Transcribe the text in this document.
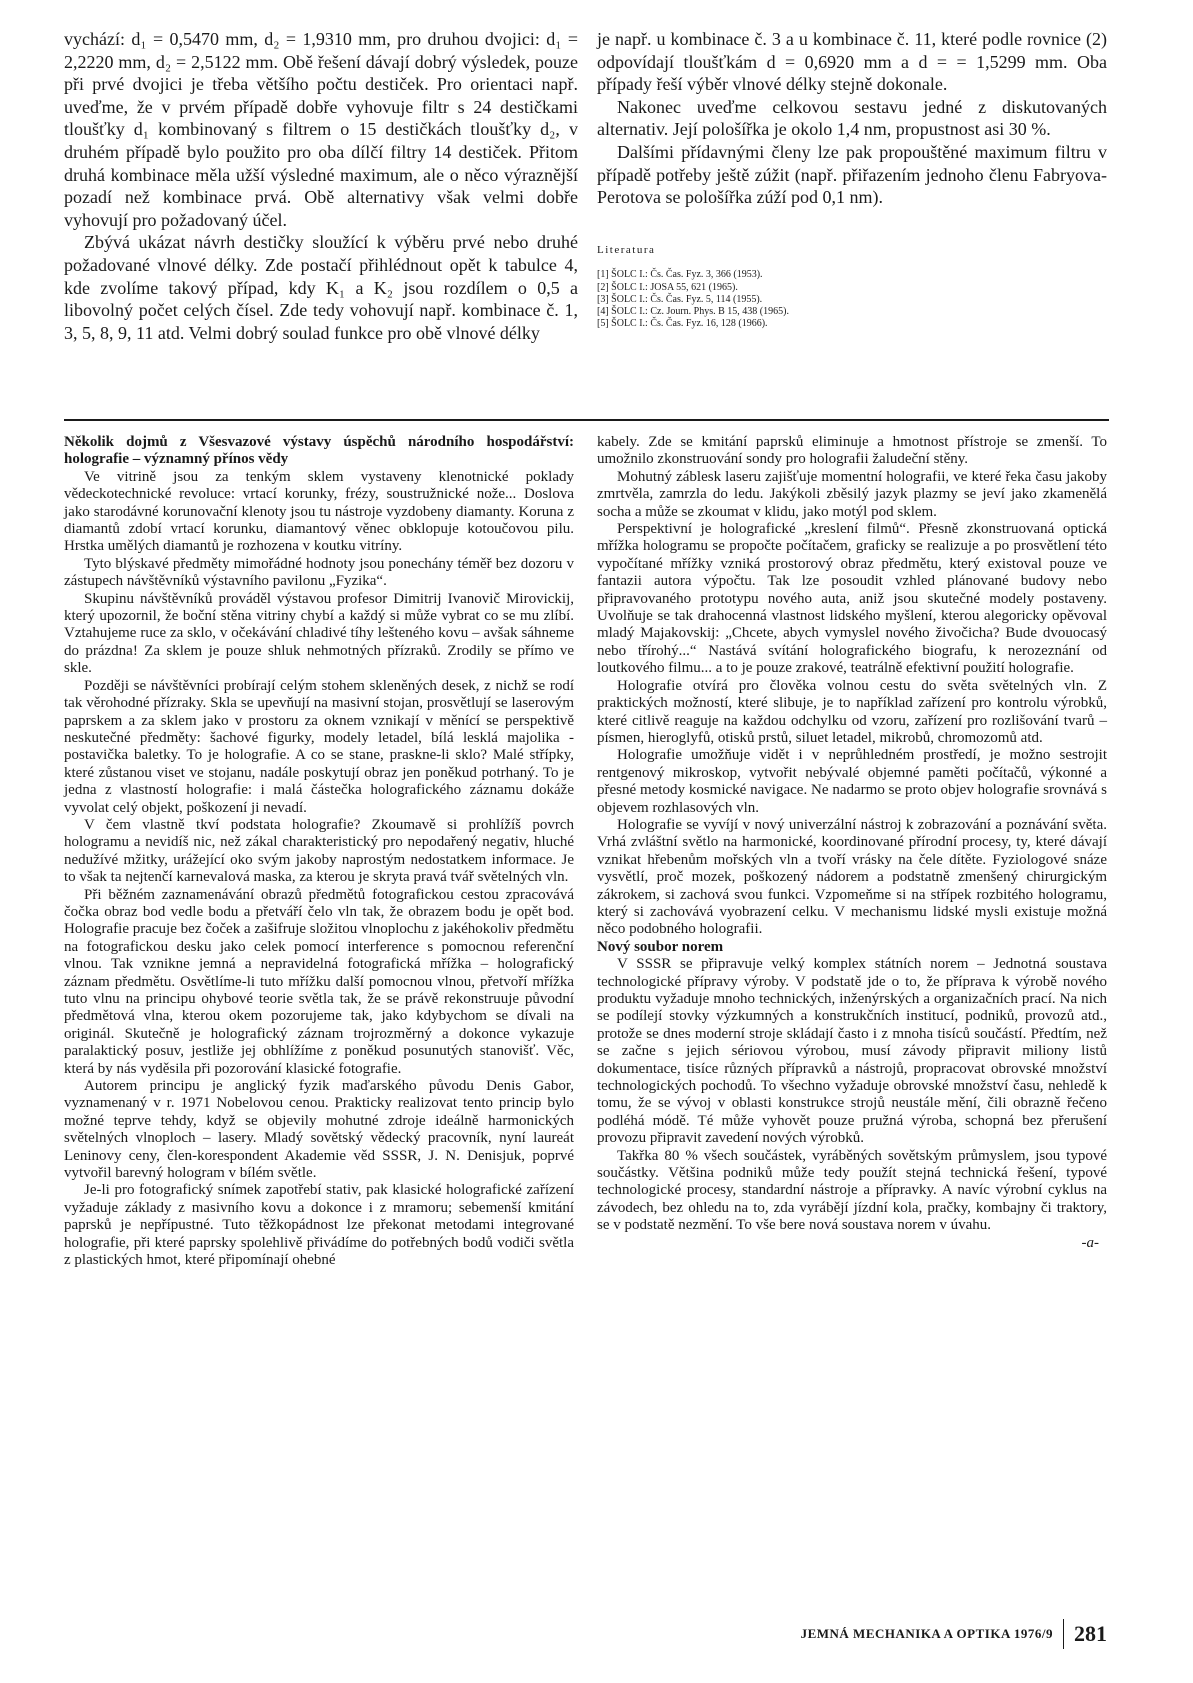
vychází: d₁ = 0,5470 mm, d₂ = 1,9310 mm, pro druhou dvojici: d₁ = 2,2220 mm, d₂ = 2,5122 mm. Obě řešení dávají dobrý výsledek, pouze při prvé dvojici je třeba většího počtu destiček. Pro orientaci např. uveďme, že v prvém případě dobře vyhovuje filtr s 24 destičkami tloušťky d₁ kombinovaný s filtrem o 15 destičkách tloušťky d₂, v druhém případě bylo použito pro oba dílčí filtry 14 destiček. Přitom druhá kombinace měla užší výsledné maximum, ale o něco výraznější pozadí než kombinace prvá. Obě alternativy však velmi dobře vyhovují pro požadovaný účel.

Zbývá ukázat návrh destičky sloužící k výběru prvé nebo druhé požadované vlnové délky. Zde postačí přihlédnout opět k tabulce 4, kde zvolíme takový případ, kdy K₁ a K₂ jsou rozdílem o 0,5 a libovolný počet celých čísel. Zde tedy vohovují např. kombinace č. 1, 3, 5, 8, 9, 11 atd. Velmi dobrý soulad funkce pro obě vlnové délky

je např. u kombinace č. 3 a u kombinace č. 11, které podle rovnice (2) odpovídají tloušťkám d = 0,6920 mm a d = = 1,5299 mm. Oba případy řeší výběr vlnové délky stejně dokonale.

Nakonec uveďme celkovou sestavu jedné z diskutovaných alternativ. Její pološířka je okolo 1,4 nm, propustnost asi 30 %.

Dalšími přídavnými členy lze pak propouštěné maximum filtru v případě potřeby ještě zúžit (např. přiřazením jednoho členu Fabryova-Perotova se pološířka zúží pod 0,1 nm).

Literatura
[1] ŠOLC I.: Čs. Čas. Fyz. 3, 366 (1953).
[2] ŠOLC I.: JOSA 55, 621 (1965).
[3] ŠOLC I.: Čs. Čas. Fyz. 5, 114 (1955).
[4] ŠOLC I.: Cz. Journ. Phys. B 15, 438 (1965).
[5] ŠOLC I.: Čs. Čas. Fyz. 16, 128 (1966).

Několik dojmů z Všesvazové výstavy úspěchů národního hospodářství: holografie – významný přínos vědy

Ve vitrině jsou za tenkým sklem vystaveny klenotnické poklady vědeckotechnické revoluce: vrtací korunky, frézy, soustružnické nože... Doslova jako starodávné korunovační klenoty jsou tu nástroje vyzdobeny diamanty. Koruna z diamantů zdobí vrtací korunku, diamantový věnec obklopuje kotoučovou pilu. Hrstka umělých diamantů je rozhozena v koutku vitríny.

Tyto blýskavé předměty mimořádné hodnoty jsou ponechány téměř bez dozoru v zástupech návštěvníků výstavního pavilonu „Fyzika“.

Skupinu návštěvníků prováděl výstavou profesor Dimitrij Ivanovič Mirovickij, který upozornil, že boční stěna vitriny chybí a každý si může vybrat co se mu zlíbí. Vztahujeme ruce za sklo, v očekávání chladivé tíhy lešteného kovu – avšak sáhneme do prázdna! Za sklem je pouze shluk nehmotných přízraků. Zrodily se přímo ve skle.

Později se návštěvníci probírají celým stohem skleněných desek, z nichž se rodí tak věrohodné přízraky. Skla se upevňují na masivní stojan, prosvětlují se laserovým paprskem a za sklem jako v prostoru za oknem vznikají v měnící se perspektivě neskutečné předměty: šachové figurky, modely letadel, bílá lesklá majolika - postavička baletky. To je holografie. A co se stane, praskne-li sklo? Malé střípky, které zůstanou viset ve stojanu, nadále poskytují obraz jen poněkud potrhaný. To je jedna z vlastností holografie: i malá částečka holografického záznamu dokáže vyvolat celý objekt, poškození ji nevadí.

V čem vlastně tkví podstata holografie? Zkoumavě si prohlížíš povrch hologramu a nevidíš nic, než zákal charakteristický pro nepodařený negativ, hluché nedužívé mžitky, urážející oko svým jakoby naprostým nedostatkem informace. Je to však ta nejtenčí karnevalová maska, za kterou je skryta pravá tvář světelných vln.

Při běžném zaznamenávání obrazů předmětů fotografickou cestou zpracovává čočka obraz bod vedle bodu a přetváří čelo vln tak, že obrazem bodu je opět bod. Holografie pracuje bez čoček a zašifruje složitou vlnoplochu z jakéhokoliv předmětu na fotografickou desku jako celek pomocí interference s pomocnou referenční vlnou. Tak vznikne jemná a nepravidelná fotografická mřížka – holografický záznam předmětu. Osvětlíme-li tuto mřížku další pomocnou vlnou, přetvoří mřížka tuto vlnu na principu ohybové teorie světla tak, že se právě rekonstruuje původní předmětová vlna, kterou okem pozorujeme tak, jako kdybychom se dívali na originál. Skutečně je holografický záznam trojrozměrný a dokonce vykazuje paralaktický posuv, jestliže jej obhlížíme z poněkud posunutých stanovišť. Věc, která by nás vyděsila při pozorování klasické fotografie.

Autorem principu je anglický fyzik maďarského původu Denis Gabor, vyznamenaný v r. 1971 Nobelovou cenou. Prakticky realizovat tento princip bylo možné teprve tehdy, když se objevily mohutné zdroje ideálně harmonických světelných vlnoploch – lasery. Mladý sovětský vědecký pracovník, nyní laureát Leninovy ceny, člen-korespondent Akademie věd SSSR, J. N. Denisjuk, poprvé vytvořil barevný hologram v bílém světle.

Je-li pro fotografický snímek zapotřebí stativ, pak klasické holografické zařízení vyžaduje základy z masivního kovu a dokonce i z mramoru; sebemenší kmitání paprsků je nepřípustné. Tuto těžkopádnost lze překonat metodami integrované holografie, při které paprsky spolehlivě přivádíme do potřebných bodů vodiči světla z plastických hmot, které připomínají ohebné

kabely. Zde se kmitání paprsků eliminuje a hmotnost přístroje se zmenší. To umožnilo zkonstruování sondy pro holografii žaludeční stěny.

Mohutný záblesk laseru zajišťuje momentní holografii, ve které řeka času jakoby zmrtvěla, zamrzla do ledu. Jakýkoli zběsilý jazyk plazmy se jeví jako zkamenělá socha a může se zkoumat v klidu, jako motýl pod sklem.

Perspektivní je holografické „kreslení filmů“. Přesně zkonstruovaná optická mřížka hologramu se propočte počítačem, graficky se realizuje a po prosvětlení této vypočítané mřížky vzniká prostorový obraz předmětu, který existoval pouze ve fantazii autora výpočtu. Tak lze posoudit vzhled plánované budovy nebo připravovaného prototypu nového auta, aniž jsou skutečné modely postaveny. Uvolňuje se tak drahocenná vlastnost lidského myšlení, kterou alegoricky opěvoval mladý Majakovskij: „Chcete, abych vymyslel nového živočicha? Bude dvouocasý nebo třírohý...“ Nastává svítání holografického biografu, k nerozeznání od loutkového filmu... a to je pouze zrakové, teatrálně efektivní použití holografie.

Holografie otvírá pro člověka volnou cestu do světa světelných vln. Z praktických možností, které slibuje, je to například zařízení pro kontrolu výrobků, které citlivě reaguje na každou odchylku od vzoru, zařízení pro rozlišování tvarů – písmen, hieroglyfů, otisků prstů, siluet letadel, mikrobů, chromozomů atd.

Holografie umožňuje vidět i v neprůhledném prostředí, je možno sestrojit rentgenový mikroskop, vytvořit nebývalé objemné paměti počítačů, výkonné a přesné metody kosmické navigace. Ne nadarmo se proto objev holografie srovnává s objevem rozhlasových vln.

Holografie se vyvíjí v nový univerzální nástroj k zobrazování a poznávání světa. Vrhá zvláštní světlo na harmonické, koordinované přírodní procesy, ty, které dávají vznikat hřebenům mořských vln a tvoří vrásky na čele dítěte. Fyziologové snáze vysvětlí, proč mozek, poškozený nádorem a podstatně zmenšený chirurgickým zákrokem, si zachová svou funkci. Vzpomeňme si na střípek rozbitého hologramu, který si zachovává vyobrazení celku. V mechanismu lidské mysli existuje možná něco podobného holografii.

Nový soubor norem

V SSSR se připravuje velký komplex státních norem – Jednotná soustava technologické přípravy výroby. V podstatě jde o to, že příprava k výrobě nového produktu vyžaduje mnoho technických, inženýrských a organizačních prací. Na nich se podílejí stovky výzkumných a konstrukčních institucí, podniků, provozů atd., protože se dnes moderní stroje skládají často i z mnoha tisíců součástí. Předtím, než se začne s jejich sériovou výrobou, musí závody připravit miliony listů dokumentace, tisíce různých přípravků a nástrojů, propracovat obrovské množství technologických pochodů. To všechno vyžaduje obrovské množství času, nehledě k tomu, že se vývoj v oblasti konstrukce strojů neustále mění, čili obrazně řečeno podléhá módě. Té může vyhovět pouze pružná výroba, schopná bez přerušení provozu připravit zavedení nových výrobků.

Takřka 80 % všech součástek, vyráběných sovětským průmyslem, jsou typové součástky. Většina podniků může tedy použít stejná technická řešení, typové technologické procesy, standardní nástroje a přípravky. A navíc výrobní cyklus na závodech, bez ohledu na to, zda vyrábějí jízdní kola, pračky, kombajny či traktory, se v podstatě nezmění. To vše bere nová soustava norem v úvahu.

-a-

JEMNÁ MECHANIKA A OPTIKA 1976/9 281
